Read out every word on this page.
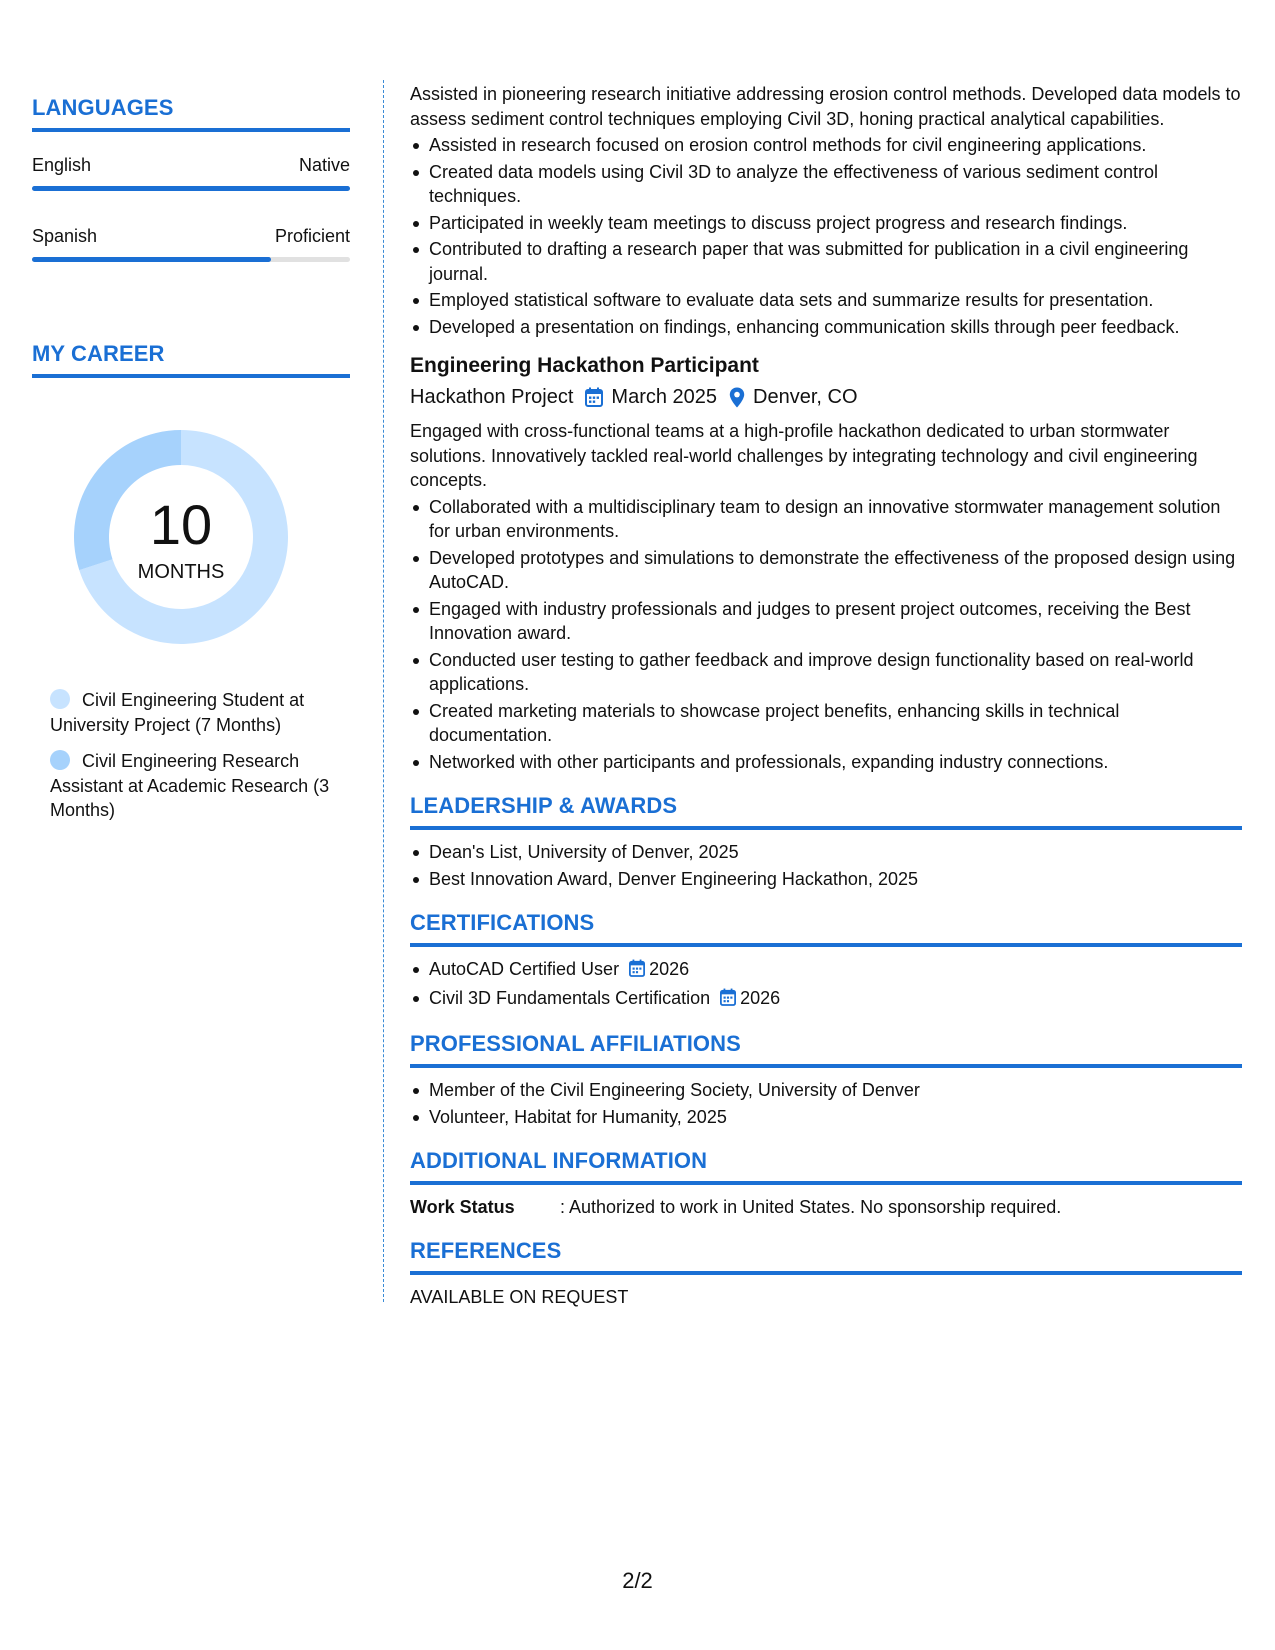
LANGUAGES
English	Native
Spanish	Proficient
MY CAREER
10
MONTHS
Civil Engineering Student at University Project (7 Months)
Civil Engineering Research Assistant at Academic Research (3 Months)
Assisted in pioneering research initiative addressing erosion control methods. Developed data models to assess sediment control techniques employing Civil 3D, honing practical analytical capabilities.
Assisted in research focused on erosion control methods for civil engineering applications.
Created data models using Civil 3D to analyze the effectiveness of various sediment control techniques.
Participated in weekly team meetings to discuss project progress and research findings.
Contributed to drafting a research paper that was submitted for publication in a civil engineering journal.
Employed statistical software to evaluate data sets and summarize results for presentation.
Developed a presentation on findings, enhancing communication skills through peer feedback.
Engineering Hackathon Participant
Hackathon Project March 2025 Denver, CO
Engaged with cross-functional teams at a high-profile hackathon dedicated to urban stormwater solutions. Innovatively tackled real-world challenges by integrating technology and civil engineering concepts.
Collaborated with a multidisciplinary team to design an innovative stormwater management solution for urban environments.
Developed prototypes and simulations to demonstrate the effectiveness of the proposed design using AutoCAD.
Engaged with industry professionals and judges to present project outcomes, receiving the Best Innovation award.
Conducted user testing to gather feedback and improve design functionality based on real-world applications.
Created marketing materials to showcase project benefits, enhancing skills in technical documentation.
Networked with other participants and professionals, expanding industry connections.
LEADERSHIP & AWARDS
Dean's List, University of Denver, 2025
Best Innovation Award, Denver Engineering Hackathon, 2025
CERTIFICATIONS
AutoCAD Certified User 2026
Civil 3D Fundamentals Certification 2026
PROFESSIONAL AFFILIATIONS
Member of the Civil Engineering Society, University of Denver
Volunteer, Habitat for Humanity, 2025
ADDITIONAL INFORMATION
Work Status	: Authorized to work in United States. No sponsorship required.
REFERENCES
AVAILABLE ON REQUEST
2/2
